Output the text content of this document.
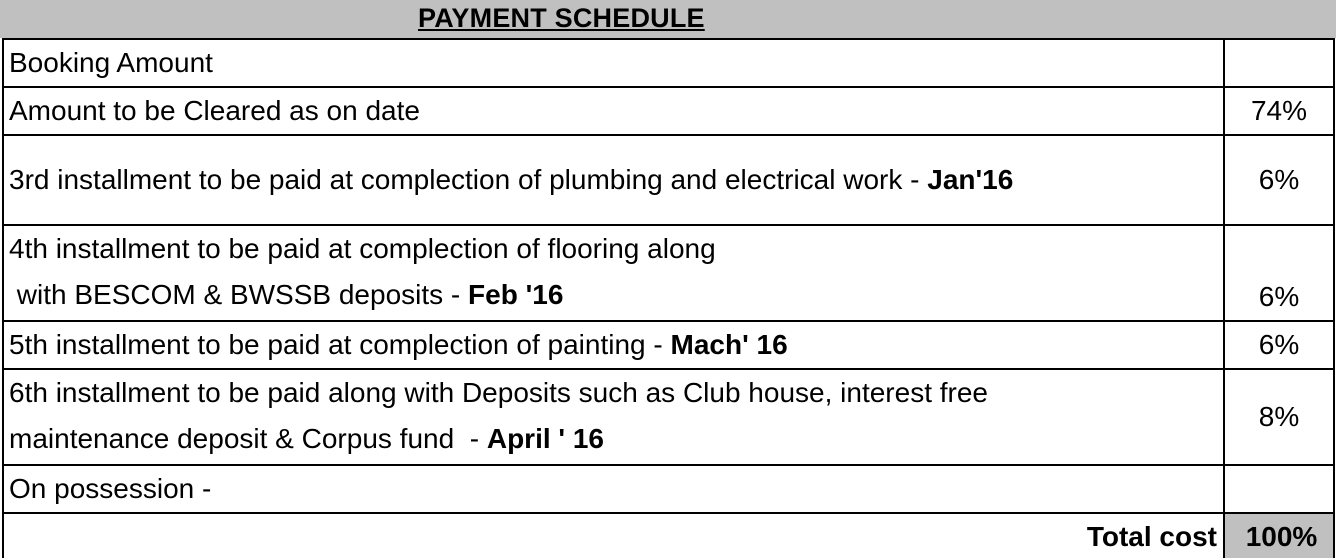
PAYMENT SCHEDULE
Booking Amount	
Amount to be Cleared as on date	74%
3rd installment to be paid at complection of plumbing and electrical work - Jan'16	6%

4th installment to be paid at complection of flooring along
with BESCOM & BWSSB deposits - Feb '16	6%
5th installment to be paid at complection of painting - Mach' 16	6%

6th installment to be paid along with Deposits such as Club house, interest free
maintenance deposit & Corpus fund  - April ' 16	8%
On possession -	
Total cost	100%
